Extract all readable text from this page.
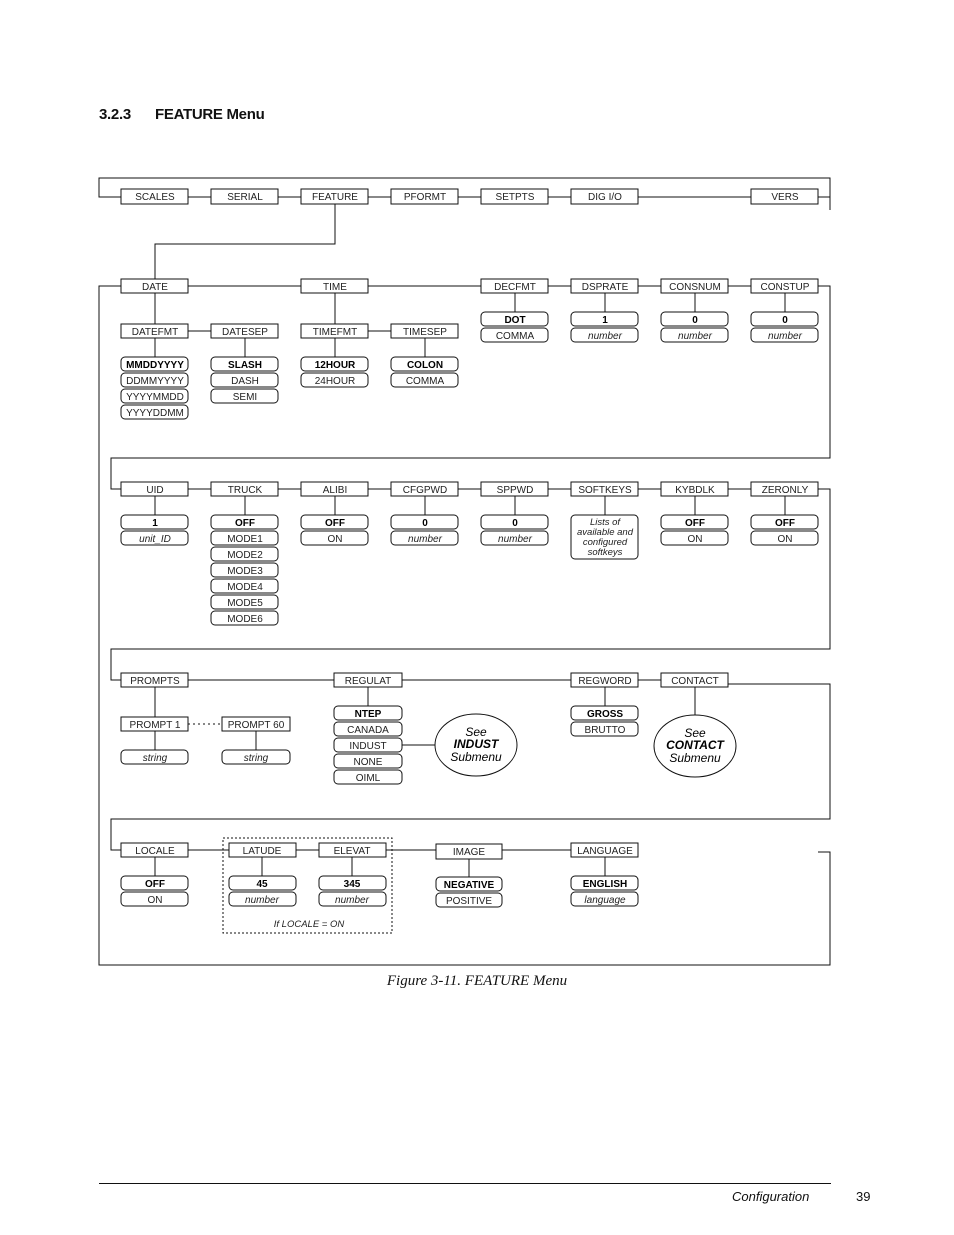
3.2.3 FEATURE Menu
SCALES	SERIAL	FEATURE	PFORMT	SETPTS	DIG I/O	VERS
DATE	TIME	DECFMT	DSPRATE	CONSNUM	CONSTUP
DATEFMT	DATESEP	TIMEFMT	TIMESEP
MMDDYYYY
DDMMYYYY
YYYYMMDD
YYYYDDMM
SLASH
DASH
SEMI
12HOUR
24HOUR
COLON
COMMA
DOT
COMMA
1
number
0
number
0
number
UID	TRUCK	ALIBI	CFGPWD	SPPWD	SOFTKEYS	KYBDLK	ZERONLY
1
unit_ID
OFF
MODE1
MODE2
MODE3
MODE4
MODE5
MODE6
OFF
ON
0
number
0
number
Lists of
available and
configured
softkeys
OFF
ON
OFF
ON
PROMPTS	REGULAT	REGWORD	CONTACT
PROMPT 1	PROMPT 60
string	string
NTEP
CANADA
INDUST
NONE
OIML
See
INDUST
Submenu
GROSS
BRUTTO	See
CONTACT
Submenu
LOCALE	LATUDE	ELEVAT	IMAGE	LANGUAGE
OFF
ON
45
number
345
number
If LOCALE = ON
NEGATIVE
POSITIVE
ENGLISH
language
Figure 3-11. FEATURE Menu
Configuration	39
